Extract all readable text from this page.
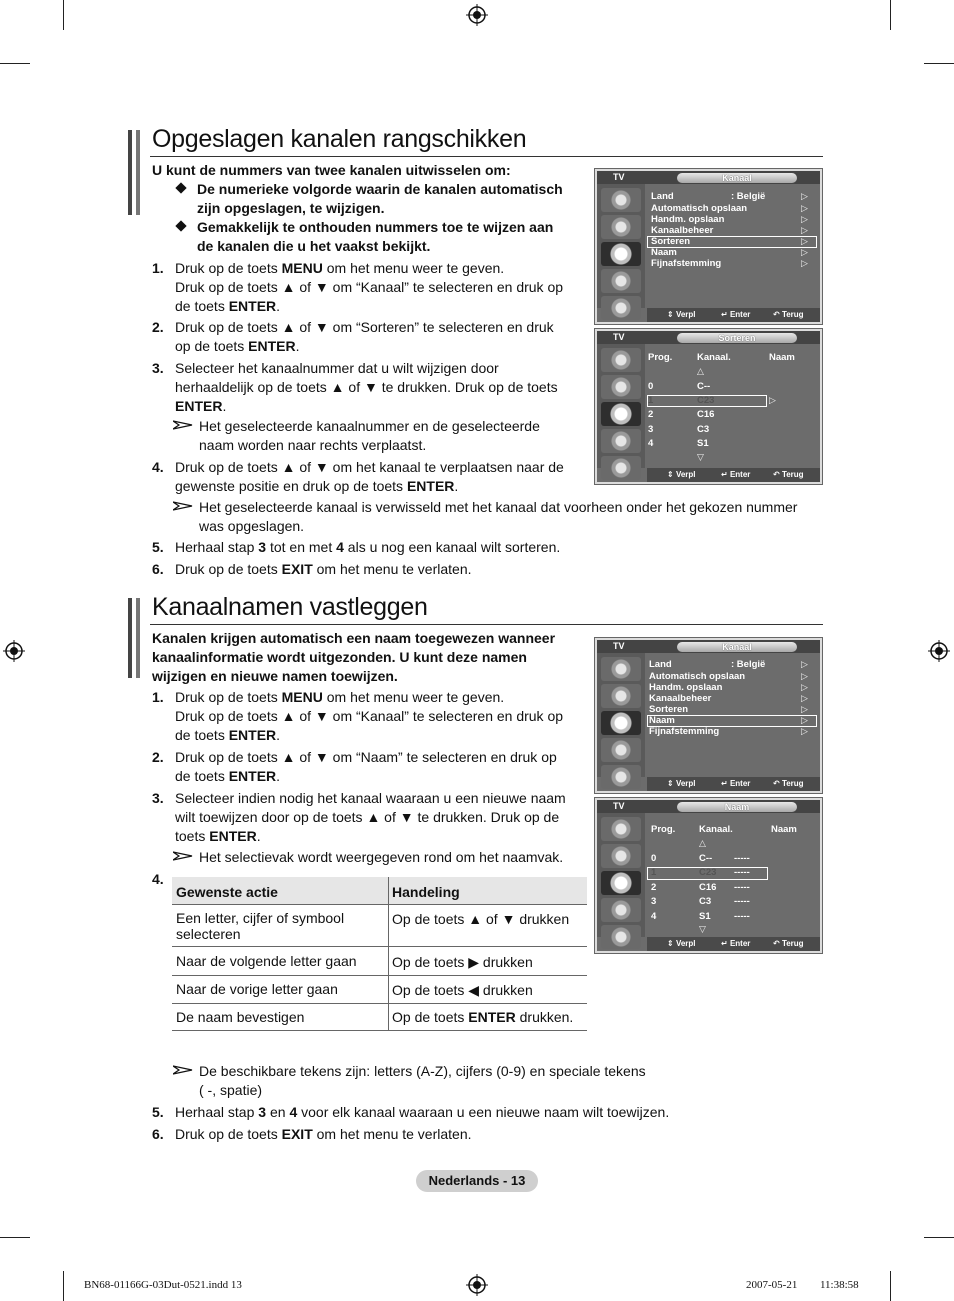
Opgeslagen kanalen rangschikken
U kunt de nummers van twee kanalen uitwisselen om:
De numerieke volgorde waarin de kanalen automatisch
zijn opgeslagen, te wijzigen.
Gemakkelijk te onthouden nummers toe te wijzen aan
de kanalen die u het vaakst bekijkt.
1. Druk op de toets MENU om het menu weer te geven.
Druk op de toets ▲ of ▼ om “Kanaal” te selecteren en druk op
de toets ENTER.
2. Druk op de toets ▲ of ▼ om “Sorteren” te selecteren en druk
op de toets ENTER.
3. Selecteer het kanaalnummer dat u wilt wijzigen door
herhaaldelijk op de toets ▲ of ▼ te drukken. Druk op de toets
ENTER.
Het geselecteerde kanaalnummer en de geselecteerde
naam worden naar rechts verplaatst.
4. Druk op de toets ▲ of ▼ om het kanaal te verplaatsen naar de
gewenste positie en druk op de toets ENTER.
Het geselecteerde kanaal is verwisseld met het kanaal dat voorheen onder het gekozen nummer
was opgeslagen.
5. Herhaal stap 3 tot en met 4 als u nog een kanaal wilt sorteren.
6. Druk op de toets EXIT om het menu te verlaten.
TV	Kanaal
Land	: België
Automatisch opslaan
Handm. opslaan
Kanaalbeheer
Sorteren
Naam
Fijnafstemming
▷
▷
▷
▷
▷
▷
▷
⇕ Verpl	↵ Enter	↶ Terug
TV	Sorteren
Prog.	Kanaal.	Naam
△
▷
0	C--
1	C23
2	C16
3	C3
4	S1
▽
⇕ Verpl	↵ Enter	↶ Terug
Kanaalnamen vastleggen
Kanalen krijgen automatisch een naam toegewezen wanneer
kanaalinformatie wordt uitgezonden. U kunt deze namen
wijzigen en nieuwe namen toewijzen.
1. Druk op de toets MENU om het menu weer te geven.
Druk op de toets ▲ of ▼ om “Kanaal” te selecteren en druk op
de toets ENTER.
2. Druk op de toets ▲ of ▼ om “Naam” te selecteren en druk op
de toets ENTER.
3. Selecteer indien nodig het kanaal waaraan u een nieuwe naam
wilt toewijzen door op de toets ▲ of ▼ te drukken. Druk op de
toets ENTER.
Het selectievak wordt weergegeven rond om het naamvak.
4.
Gewenste actie	Handeling
Een letter, cijfer of symbool
selecteren
Op de toets ▲ of ▼ drukken
Naar de volgende letter gaan	Op de toets ▶ drukken
Naar de vorige letter gaan	Op de toets ◀ drukken
De naam bevestigen	Op de toets ENTER drukken.
De beschikbare tekens zijn: letters (A-Z), cijfers (0-9) en speciale tekens
( -, spatie)
5. Herhaal stap 3 en 4 voor elk kanaal waaraan u een nieuwe naam wilt toewijzen.
6. Druk op de toets EXIT om het menu te verlaten.
TV	Kanaal
Land	: België
Automatisch opslaan
Handm. opslaan
Kanaalbeheer
Sorteren
Naam
Fijnafstemming
▷
▷
▷
▷
▷
▷
▷
⇕ Verpl	↵ Enter	↶ Terug
TV	Naam
Prog. Kanaal.	Naam
△
0	C-- -----
1	C23 -----
2	C16 -----
3	C3 -----
4	S1 -----
▽
⇕ Verpl	↵ Enter	↶ Terug
Nederlands - 13
BN68-01166G-03Dut-0521.indd 13	2007-05-21    11:38:58
